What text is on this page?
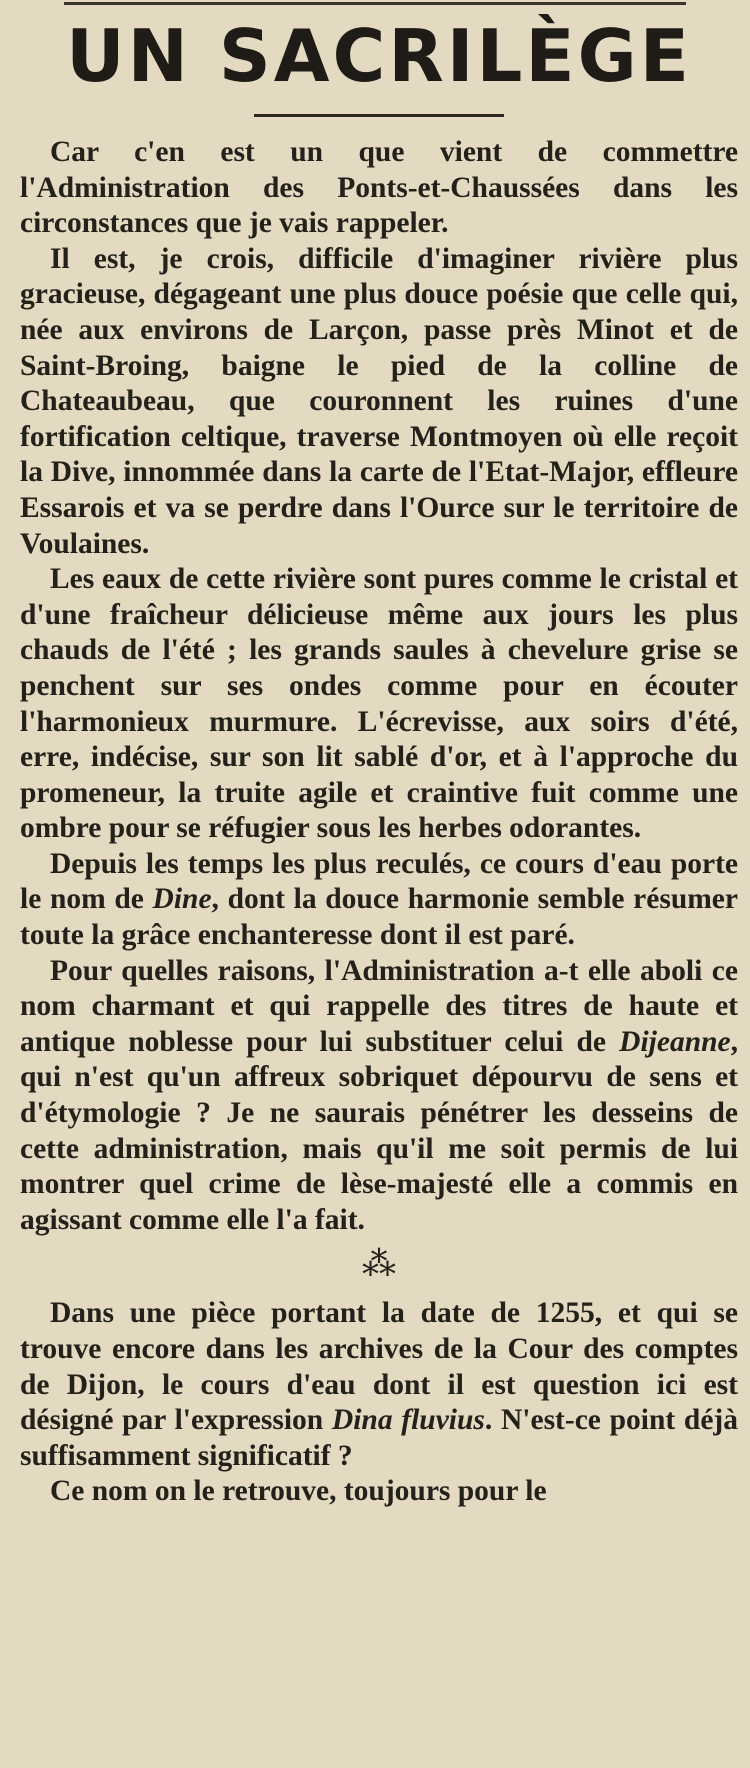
UN SACRILÈGE

Car c'en est un que vient de commettre l'Administration des Ponts-et-Chaussées dans les circonstances que je vais rappeler.

Il est, je crois, difficile d'imaginer rivière plus gracieuse, dégageant une plus douce poésie que celle qui, née aux environs de Larçon, passe près Minot et de Saint-Broing, baigne le pied de la colline de Chateaubeau, que couronnent les ruines d'une fortification celtique, traverse Montmoyen où elle reçoit la Dive, innommée dans la carte de l'Etat-Major, effleure Essarois et va se perdre dans l'Ource sur le territoire de Voulaines.

Les eaux de cette rivière sont pures comme le cristal et d'une fraîcheur délicieuse même aux jours les plus chauds de l'été ; les grands saules à chevelure grise se penchent sur ses ondes comme pour en écouter l'harmonieux murmure. L'écrevisse, aux soirs d'été, erre, indécise, sur son lit sablé d'or, et à l'approche du promeneur, la truite agile et craintive fuit comme une ombre pour se réfugier sous les herbes odorantes.

Depuis les temps les plus reculés, ce cours d'eau porte le nom de Dine, dont la douce harmonie semble résumer toute la grâce enchanteresse dont il est paré.

Pour quelles raisons, l'Administration a-t elle aboli ce nom charmant et qui rappelle des titres de haute et antique noblesse pour lui substituer celui de Dijeanne, qui n'est qu'un affreux sobriquet dépourvu de sens et d'étymologie ? Je ne saurais pénétrer les desseins de cette administration, mais qu'il me soit permis de lui montrer quel crime de lèse-majesté elle a commis en agissant comme elle l'a fait.

⁂

Dans une pièce portant la date de 1255, et qui se trouve encore dans les archives de la Cour des comptes de Dijon, le cours d'eau dont il est question ici est désigné par l'expression Dina fluvius. N'est-ce point déjà suffisamment significatif ?

Ce nom on le retrouve, toujours pour le
